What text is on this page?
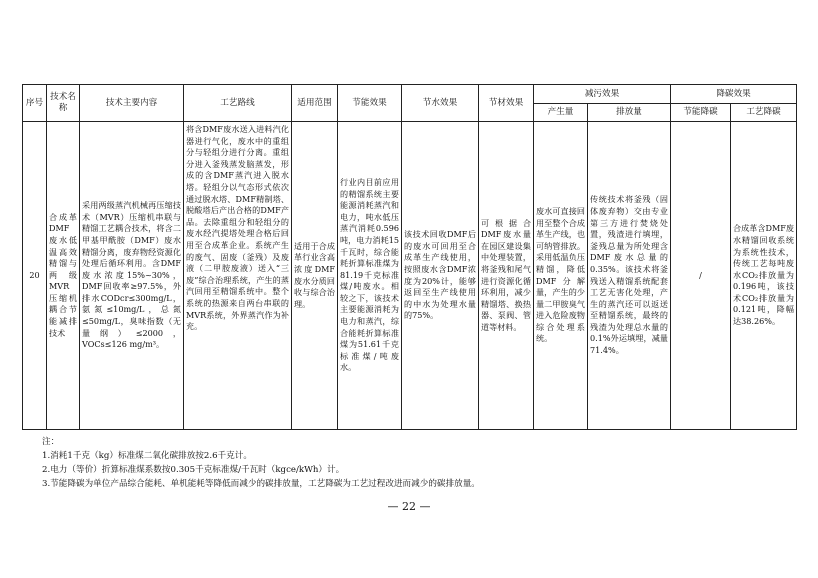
序号	技术名称	技术主要内容	工艺路线	适用范围	节能效果	节水效果	节材效果	减污效果		降碳效果	
								产生量	排放量	节能降碳	工艺降碳
20	合成革DMF废水低温高效精馏与两级MVR压缩机耦合节能减排技术	采用两级蒸汽机械再压缩技术（MVR）压缩机串联与精馏工艺耦合技术，将含二甲基甲酰胺（DMF）废水精馏分离，废弃物经资源化处理后循环利用。含DMF废水浓度15%~30%，DMF回收率≥97.5%，外排水CODcr≤300mg/L，氨氮≤10mg/L，总氮≤50mg/L，臭味指数（无量纲）≤2000，VOCs≤126 mg/m³。	将含DMF废水送入进料汽化器进行气化，废水中的重组分与轻组分进行分离。重组分进入釜残蒸发脑蒸发，形成的含DMF蒸汽进入脱水塔。轻组分以气态形式依次通过脱水塔、DMF精制塔、脱酸塔后产出合格的DMF产品。去除重组分和轻组分的废水经汽提塔处理合格后回用至合成革企业。系统产生的废气、固废（釜残）及废液（二甲胺废液）送入“三废”综合治理系统，产生的蒸汽回用至精馏系统中。整个系统的热源来自两台串联的MVR系统，外界蒸汽作为补充。	适用于合成革行业含高浓度DMF废水分质回收与综合治理。	行业内目前应用的精馏系统主要能源消耗蒸汽和电力，吨水低压蒸汽消耗0.596吨，电力消耗15千瓦时，综合能耗折算标准煤为81.19千克标准煤/吨废水。相较之下，该技术主要能源消耗为电力和蒸汽，综合能耗折算标准煤为51.61千克标准煤/吨废水。	该技术回收DMF后的废水可回用至合成革生产线使用，按照废水含DMF浓度为20%计，能够返回至生产线使用的中水为处理水量的75%。	可根据合DMF废水量在园区建设集中处理装置，将釜残和尾气进行资源化循环利用，减少精馏塔、换热器、泵阀、管道等材料。	废水可直接回用至整个合成革生产线，也可纳管排放。采用低温负压精馏，降低DMF分解量，产生的少量二甲胺臭气进入危险废物综合处理系统。	传统技术将釜残（固体废弃物）交由专业第三方进行焚烧处置，残渣进行填埋，釜残总量为所处理含DMF废水总量的0.35%。该技术将釜残送入精馏系统配套工艺无害化处理，产生的蒸汽还可以返送至精馏系统，最终的残渣为处理总水量的0.1%外运填埋，减量71.4%。	/	合成革含DMF废水精馏回收系统为系统性技术，传统工艺每吨废水CO₂排放量为0.196吨，该技术CO₂排放量为0.121吨，降幅达38.26%。
注：
1.消耗1千克（kg）标准煤二氧化碳排放按2.6千克计。
2.电力（等价）折算标准煤系数按0.305千克标准煤/千瓦时（kgce/kWh）计。
3.节能降碳为单位产品综合能耗、单机能耗等降低而减少的碳排放量，工艺降碳为工艺过程改进而减少的碳排放量。
— 22 —
